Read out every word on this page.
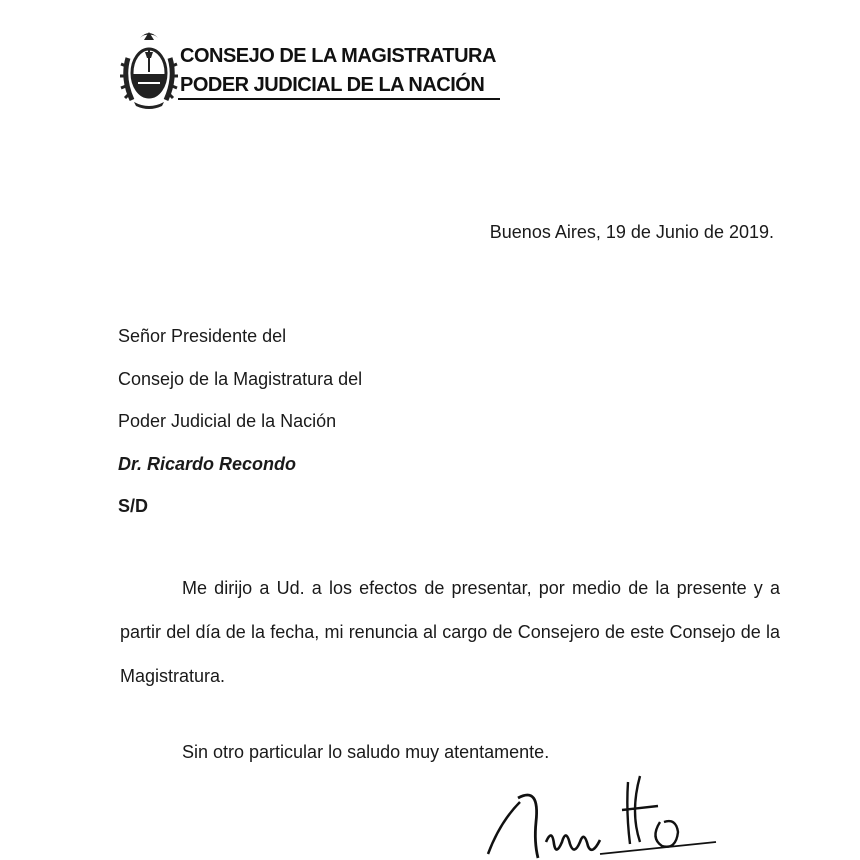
CONSEJO DE LA MAGISTRATURA
PODER JUDICIAL DE LA NACIÓN
Buenos Aires, 19 de Junio de 2019.
Señor Presidente del
Consejo de la Magistratura del
Poder Judicial de la Nación
Dr. Ricardo Recondo
S/D
Me dirijo a Ud. a los efectos de presentar, por medio de la presente y a partir del día de la fecha, mi renuncia al cargo de Consejero de este Consejo de la Magistratura.
Sin otro particular lo saludo muy atentamente.
